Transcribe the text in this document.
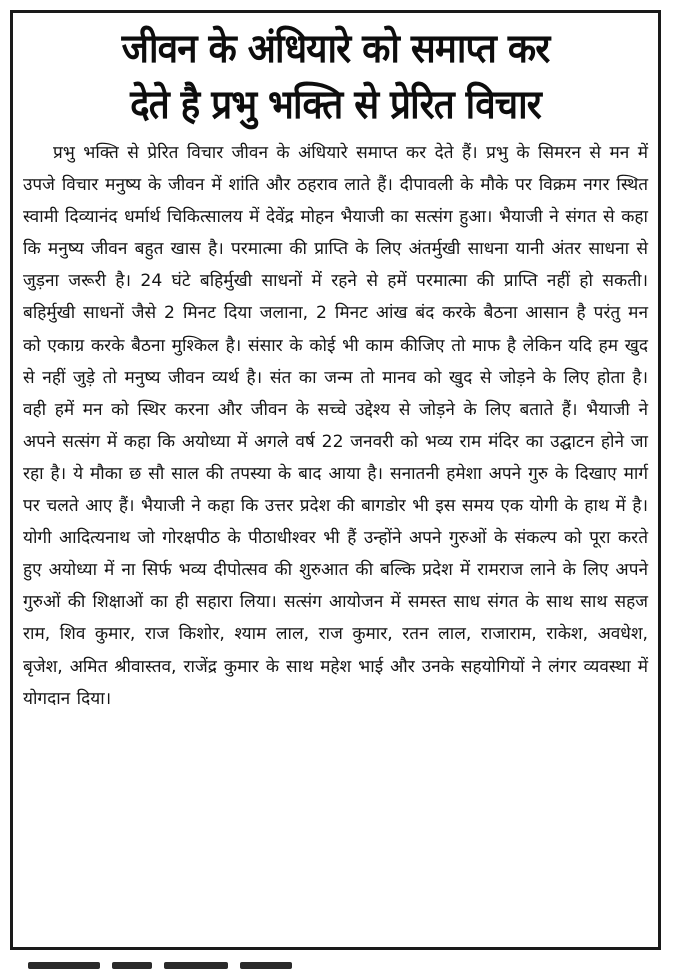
जीवन के अंधियारे को समाप्त कर
देते है प्रभु भक्ति से प्रेरित विचार

प्रभु भक्ति से प्रेरित विचार जीवन के अंधियारे समाप्त कर देते हैं। प्रभु के सिमरन से मन में उपजे विचार मनुष्य के जीवन में शांति और ठहराव लाते हैं। दीपावली के मौके पर विक्रम नगर स्थित स्वामी दिव्यानंद धर्मार्थ चिकित्सालय में देवेंद्र मोहन भैयाजी का सत्संग हुआ। भैयाजी ने संगत से कहा कि मनुष्य जीवन बहुत खास है। परमात्मा की प्राप्ति के लिए अंतर्मुखी साधना यानी अंतर साधना से जुड़ना जरूरी है। 24 घंटे बहिर्मुखी साधनों में रहने से हमें परमात्मा की प्राप्ति नहीं हो सकती। बहिर्मुखी साधनों जैसे 2 मिनट दिया जलाना, 2 मिनट आंख बंद करके बैठना आसान है परंतु मन को एकाग्र करके बैठना मुश्किल है। संसार के कोई भी काम कीजिए तो माफ है लेकिन यदि हम खुद से नहीं जुड़े तो मनुष्य जीवन व्यर्थ है। संत का जन्म तो मानव को खुद से जोड़ने के लिए होता है। वही हमें मन को स्थिर करना और जीवन के सच्चे उद्देश्य से जोड़ने के लिए बताते हैं। भैयाजी ने अपने सत्संग में कहा कि अयोध्या में अगले वर्ष 22 जनवरी को भव्य राम मंदिर का उद्घाटन होने जा रहा है। ये मौका छ सौ साल की तपस्या के बाद आया है। सनातनी हमेशा अपने गुरु के दिखाए मार्ग पर चलते आए हैं। भैयाजी ने कहा कि उत्तर प्रदेश की बागडोर भी इस समय एक योगी के हाथ में है। योगी आदित्यनाथ जो गोरक्षपीठ के पीठाधीश्वर भी हैं उन्होंने अपने गुरुओं के संकल्प को पूरा करते हुए अयोध्या में ना सिर्फ भव्य दीपोत्सव की शुरुआत की बल्कि प्रदेश में रामराज लाने के लिए अपने गुरुओं की शिक्षाओं का ही सहारा लिया। सत्संग आयोजन में समस्त साध संगत के साथ साथ सहज राम, शिव कुमार, राज किशोर, श्याम लाल, राज कुमार, रतन लाल, राजाराम, राकेश, अवधेश, बृजेश, अमित श्रीवास्तव, राजेंद्र कुमार के साथ महेश भाई और उनके सहयोगियों ने लंगर व्यवस्था में योगदान दिया।
